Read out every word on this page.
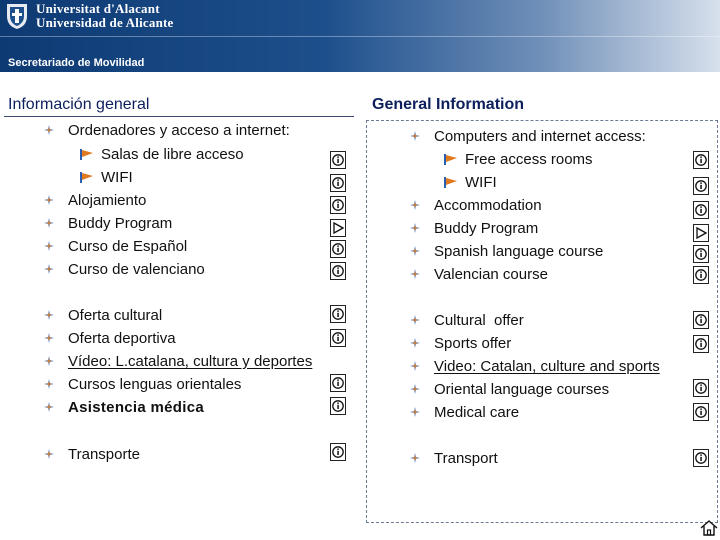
Universitat d'Alacant
Universidad de Alicante
Secretariado de Movilidad
Información general	General Information
Ordenadores y acceso a internet:
Salas de libre acceso
WIFI
Alojamiento
Buddy Program
Curso de Español
Curso de valenciano
Oferta cultural
Oferta deportiva
Vídeo: L.catalana, cultura y deportes
Cursos lenguas orientales
Asistencia médica
Transporte
Computers and internet access:
Free access rooms
WIFI
Accommodation
Buddy Program
Spanish language course
Valencian course
Cultural  offer
Sports offer
Video: Catalan, culture and sports
Oriental language courses
Medical care
Transport
